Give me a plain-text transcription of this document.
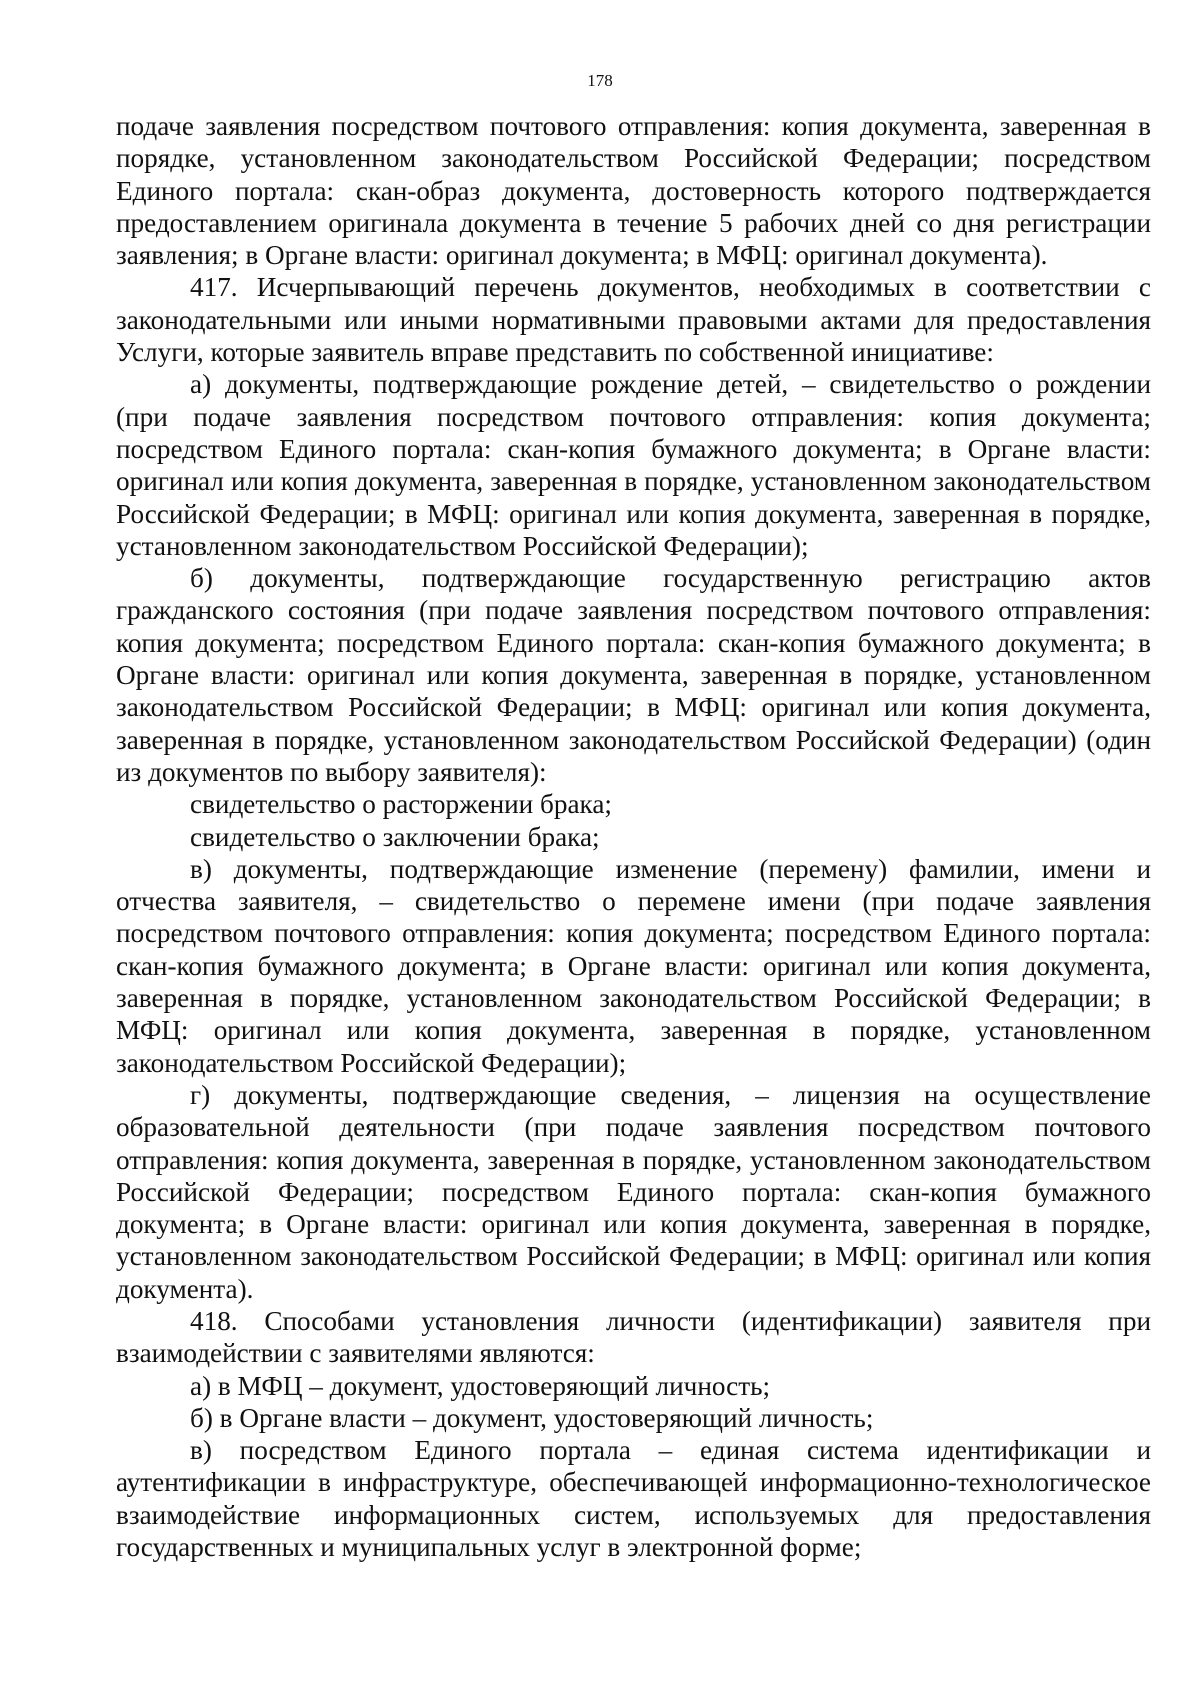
178

подаче заявления посредством почтового отправления: копия документа, заверенная в порядке, установленном законодательством Российской Федерации; посредством Единого портала: скан-образ документа, достоверность которого подтверждается предоставлением оригинала документа в течение 5 рабочих дней со дня регистрации заявления; в Органе власти: оригинал документа; в МФЦ: оригинал документа).

417. Исчерпывающий перечень документов, необходимых в соответствии с законодательными или иными нормативными правовыми актами для предоставления Услуги, которые заявитель вправе представить по собственной инициативе:

а) документы, подтверждающие рождение детей, – свидетельство о рождении (при подаче заявления посредством почтового отправления: копия документа; посредством Единого портала: скан-копия бумажного документа; в Органе власти: оригинал или копия документа, заверенная в порядке, установленном законодательством Российской Федерации; в МФЦ: оригинал или копия документа, заверенная в порядке, установленном законодательством Российской Федерации);

б) документы, подтверждающие государственную регистрацию актов гражданского состояния (при подаче заявления посредством почтового отправления: копия документа; посредством Единого портала: скан-копия бумажного документа; в Органе власти: оригинал или копия документа, заверенная в порядке, установленном законодательством Российской Федерации; в МФЦ: оригинал или копия документа, заверенная в порядке, установленном законодательством Российской Федерации) (один из документов по выбору заявителя):

свидетельство о расторжении брака;

свидетельство о заключении брака;

в) документы, подтверждающие изменение (перемену) фамилии, имени и отчества заявителя, – свидетельство о перемене имени (при подаче заявления посредством почтового отправления: копия документа; посредством Единого портала: скан-копия бумажного документа; в Органе власти: оригинал или копия документа, заверенная в порядке, установленном законодательством Российской Федерации; в МФЦ: оригинал или копия документа, заверенная в порядке, установленном законодательством Российской Федерации);

г) документы, подтверждающие сведения, – лицензия на осуществление образовательной деятельности (при подаче заявления посредством почтового отправления: копия документа, заверенная в порядке, установленном законодательством Российской Федерации; посредством Единого портала: скан-копия бумажного документа; в Органе власти: оригинал или копия документа, заверенная в порядке, установленном законодательством Российской Федерации; в МФЦ: оригинал или копия документа).

418. Способами установления личности (идентификации) заявителя при взаимодействии с заявителями являются:

а) в МФЦ – документ, удостоверяющий личность;

б) в Органе власти – документ, удостоверяющий личность;

в) посредством Единого портала – единая система идентификации и аутентификации в инфраструктуре, обеспечивающей информационно-технологическое взаимодействие информационных систем, используемых для предоставления государственных и муниципальных услуг в электронной форме;
